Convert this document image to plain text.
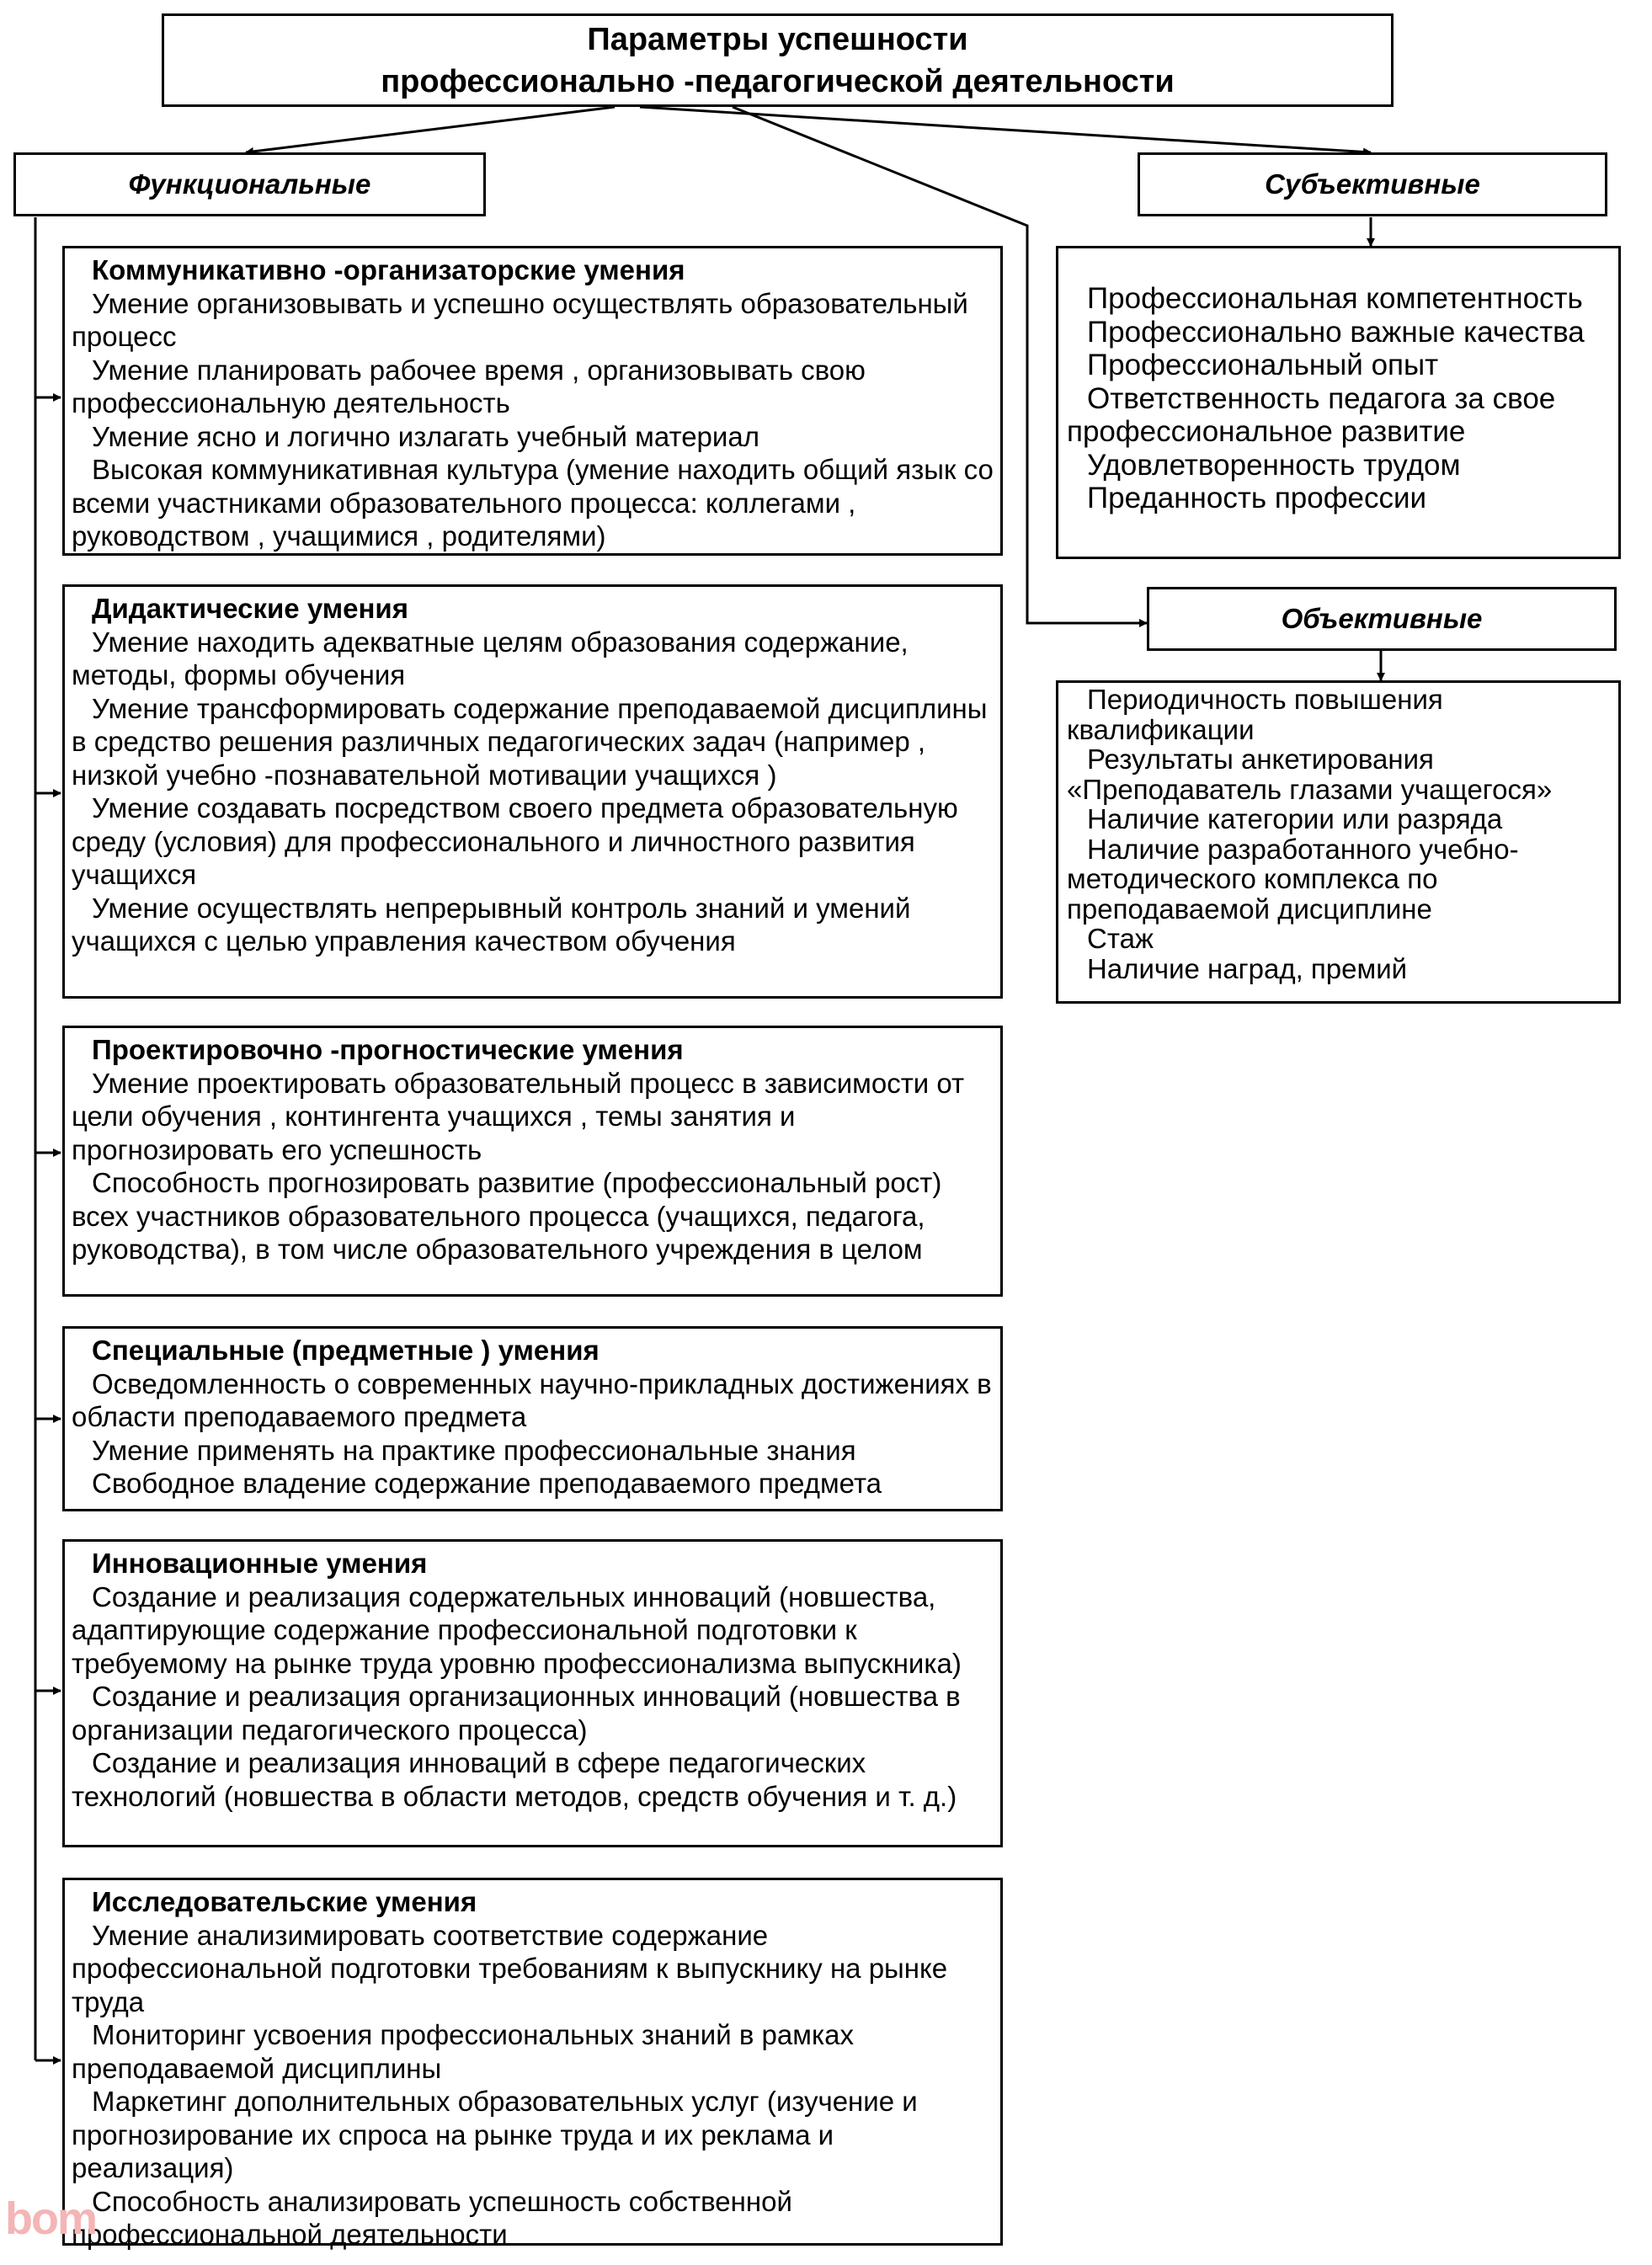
Параметры успешности
профессионально -педагогической деятельности
Функциональные	Субъективные
Объективные
Коммуникативно -организаторские умения
Умение организовывать и успешно осуществлять образовательный процесс
Умение планировать рабочее время , организовывать свою профессиональную деятельность
Умение ясно и логично излагать учебный материал
Высокая коммуникативная культура (умение находить общий язык со всеми участниками образовательного процесса: коллегами , руководством , учащимися , родителями)
Дидактические умения
Умение находить адекватные целям образования содержание, методы, формы обучения
Умение трансформировать содержание преподаваемой дисциплины в средство решения различных педагогических задач (например , низкой учебно -познавательной мотивации учащихся )
Умение создавать посредством своего предмета образовательную среду (условия) для профессионального и личностного развития учащихся
Умение осуществлять непрерывный контроль знаний и умений учащихся с целью управления качеством обучения
Проектировочно -прогностические умения
Умение проектировать образовательный процесс в зависимости от цели обучения , контингента учащихся , темы занятия и прогнозировать его успешность
Способность прогнозировать развитие (профессиональный рост) всех участников образовательного процесса (учащихся, педагога, руководства), в том числе образовательного учреждения в целом
Специальные (предметные ) умения
Осведомленность о современных научно-прикладных достижениях в области преподаваемого предмета
Умение применять на практике профессиональные знания
Свободное владение содержание преподаваемого предмета
Инновационные умения
Создание и реализация содержательных инноваций (новшества, адаптирующие содержание профессиональной подготовки к требуемому на рынке труда уровню профессионализма выпускника)
Создание и реализация организационных инноваций (новшества в организации педагогического процесса)
Создание и реализация инноваций в сфере педагогических технологий (новшества в области методов, средств обучения и т. д.)
Исследовательские умения
Умение анализимировать соответствие содержание профессиональной подготовки требованиям к выпускнику на рынке труда
Мониторинг усвоения профессиональных знаний в рамках преподаваемой дисциплины
Маркетинг дополнительных образовательных услуг (изучение и прогнозирование их спроса на рынке труда и их реклама и реализация)
Способность анализировать успешность собственной профессиональной деятельности
Профессиональная компетентность
Профессионально важные качества
Профессиональный опыт
Ответственность педагога за свое профессиональное развитие
Удовлетворенность трудом
Преданность профессии
Периодичность повышения квалификации
Результаты анкетирования «Преподаватель глазами учащегося»
Наличие категории или разряда
Наличие разработанного учебно-методического комплекса по преподаваемой дисциплине
Стаж
Наличие наград, премий
bom
